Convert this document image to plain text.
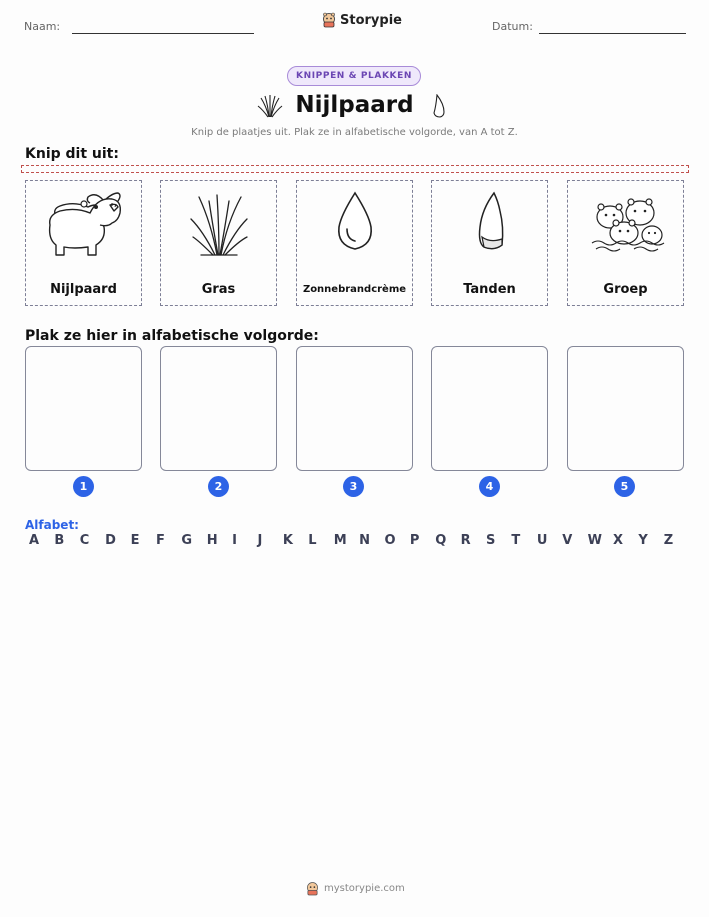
Naam:	Storypie	Datum:
KNIPPEN & PLAKKEN
Nijlpaard
Knip de plaatjes uit. Plak ze in alfabetische volgorde, van A tot Z.
Knip dit uit:
Nijlpaard	Gras	Zonnebrandcrème	Tanden	Groep
Plak ze hier in alfabetische volgorde:
1	2	3	4	5
Alfabet:
A	B	C	D	E	F	G	H	I	J	K	L	M N	O	P	Q	R	S	T	U	V	W X	Y	Z
mystorypie.com
